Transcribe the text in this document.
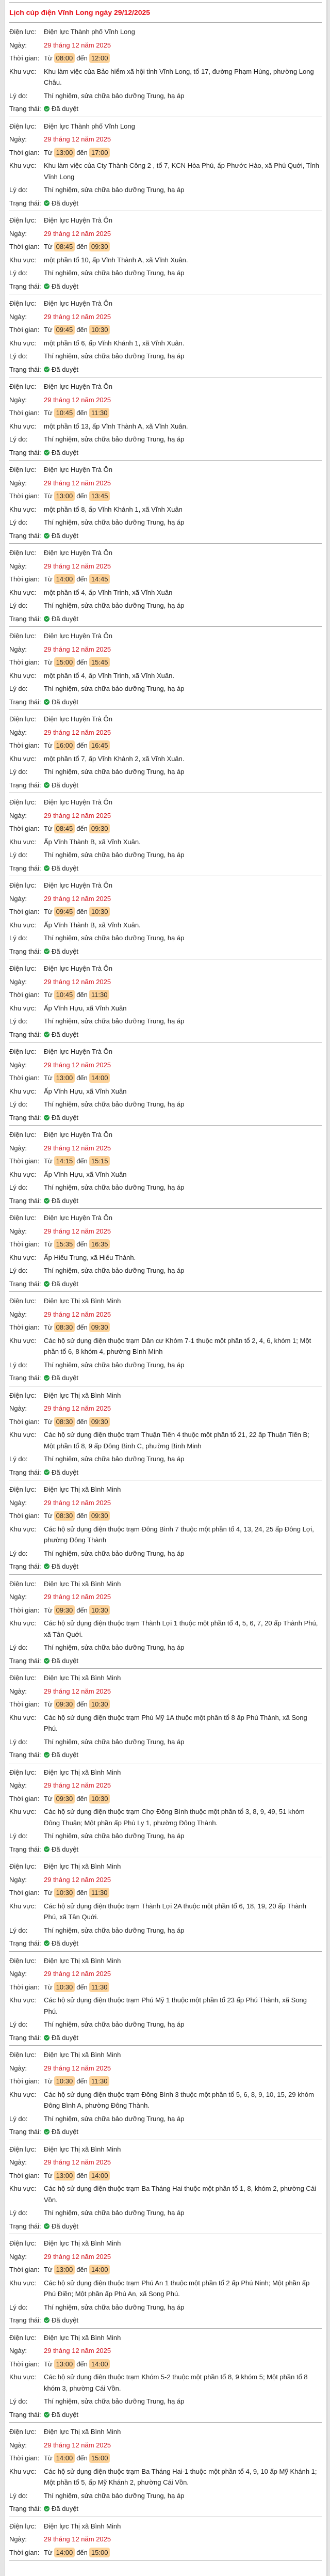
Lịch cúp điện Vĩnh Long ngày 29/12/2025
Điện lực:	Điện lực Thành phố Vĩnh Long
Ngày:	29 tháng 12 năm 2025
Thời gian: Từ 08:00 đến 12:00
Khu vực:	Khu làm việc của Bảo hiểm xã hội tỉnh Vĩnh Long, tổ 17, đường Phạm Hùng, phường Long Châu.
Lý do:	Thí nghiệm, sửa chữa bảo dưỡng Trung, hạ áp
Trạng thái:	Đã duyệt
Điện lực:	Điện lực Thành phố Vĩnh Long
Ngày:	29 tháng 12 năm 2025
Thời gian: Từ 13:00 đến 17:00
Khu vực:	Khu làm việc của Cty Thành Công 2 , tổ 7, KCN Hòa Phú, ấp Phước Hào, xã Phú Quới, Tỉnh Vĩnh Long
Lý do:	Thí nghiệm, sửa chữa bảo dưỡng Trung, hạ áp
Trạng thái:	Đã duyệt
Điện lực:	Điện lực Huyện Trà Ôn
Ngày:	29 tháng 12 năm 2025
Thời gian: Từ 08:45 đến 09:30
Khu vực:	một phần tổ 10, ấp Vĩnh Thành A, xã Vĩnh Xuân.
Lý do:	Thí nghiệm, sửa chữa bảo dưỡng Trung, hạ áp
Trạng thái:	Đã duyệt
Điện lực:	Điện lực Huyện Trà Ôn
Ngày:	29 tháng 12 năm 2025
Thời gian: Từ 09:45 đến 10:30
Khu vực:	một phần tổ 6, ấp Vĩnh Khánh 1, xã Vĩnh Xuân.
Lý do:	Thí nghiệm, sửa chữa bảo dưỡng Trung, hạ áp
Trạng thái:	Đã duyệt
Điện lực:	Điện lực Huyện Trà Ôn
Ngày:	29 tháng 12 năm 2025
Thời gian: Từ 10:45 đến 11:30
Khu vực:	một phần tổ 13, ấp Vĩnh Thành A, xã Vĩnh Xuân.
Lý do:	Thí nghiệm, sửa chữa bảo dưỡng Trung, hạ áp
Trạng thái:	Đã duyệt
Điện lực:	Điện lực Huyện Trà Ôn
Ngày:	29 tháng 12 năm 2025
Thời gian: Từ 13:00 đến 13:45
Khu vực:	một phần tổ 8, ấp Vĩnh Khánh 1, xã Vĩnh Xuân
Lý do:	Thí nghiệm, sửa chữa bảo dưỡng Trung, hạ áp
Trạng thái:	Đã duyệt
Điện lực:	Điện lực Huyện Trà Ôn
Ngày:	29 tháng 12 năm 2025
Thời gian: Từ 14:00 đến 14:45
Khu vực:	một phần tổ 4, ấp Vĩnh Trinh, xã Vĩnh Xuân
Lý do:	Thí nghiệm, sửa chữa bảo dưỡng Trung, hạ áp
Trạng thái:	Đã duyệt
Điện lực:	Điện lực Huyện Trà Ôn
Ngày:	29 tháng 12 năm 2025
Thời gian: Từ 15:00 đến 15:45
Khu vực:	một phần tổ 4, ấp Vĩnh Trinh, xã Vĩnh Xuân.
Lý do:	Thí nghiệm, sửa chữa bảo dưỡng Trung, hạ áp
Trạng thái:	Đã duyệt
Điện lực:	Điện lực Huyện Trà Ôn
Ngày:	29 tháng 12 năm 2025
Thời gian: Từ 16:00 đến 16:45
Khu vực:	một phần tổ 7, ấp Vĩnh Khánh 2, xã Vĩnh Xuân.
Lý do:	Thí nghiệm, sửa chữa bảo dưỡng Trung, hạ áp
Trạng thái:	Đã duyệt
Điện lực:	Điện lực Huyện Trà Ôn
Ngày:	29 tháng 12 năm 2025
Thời gian: Từ 08:45 đến 09:30
Khu vực:	Ấp Vĩnh Thành B, xã Vĩnh Xuân.
Lý do:	Thí nghiệm, sửa chữa bảo dưỡng Trung, hạ áp
Trạng thái:	Đã duyệt
Điện lực:	Điện lực Huyện Trà Ôn
Ngày:	29 tháng 12 năm 2025
Thời gian: Từ 09:45 đến 10:30
Khu vực:	Ấp Vĩnh Thành B, xã Vĩnh Xuân.
Lý do:	Thí nghiệm, sửa chữa bảo dưỡng Trung, hạ áp
Trạng thái:	Đã duyệt
Điện lực:	Điện lực Huyện Trà Ôn
Ngày:	29 tháng 12 năm 2025
Thời gian: Từ 10:45 đến 11:30
Khu vực:	Ấp Vĩnh Hựu, xã Vĩnh Xuân
Lý do:	Thí nghiệm, sửa chữa bảo dưỡng Trung, hạ áp
Trạng thái:	Đã duyệt
Điện lực:	Điện lực Huyện Trà Ôn
Ngày:	29 tháng 12 năm 2025
Thời gian: Từ 13:00 đến 14:00
Khu vực:	Ấp Vĩnh Hựu, xã Vĩnh Xuân
Lý do:	Thí nghiệm, sửa chữa bảo dưỡng Trung, hạ áp
Trạng thái:	Đã duyệt
Điện lực:	Điện lực Huyện Trà Ôn
Ngày:	29 tháng 12 năm 2025
Thời gian: Từ 14:15 đến 15:15
Khu vực:	Ấp Vĩnh Hựu, xã Vĩnh Xuân
Lý do:	Thí nghiệm, sửa chữa bảo dưỡng Trung, hạ áp
Trạng thái:	Đã duyệt
Điện lực:	Điện lực Huyện Trà Ôn
Ngày:	29 tháng 12 năm 2025
Thời gian: Từ 15:35 đến 16:35
Khu vực:	Ấp Hiếu Trung, xã Hiếu Thành.
Lý do:	Thí nghiệm, sửa chữa bảo dưỡng Trung, hạ áp
Trạng thái:	Đã duyệt
Điện lực:	Điện lực Thị xã Bình Minh
Ngày:	29 tháng 12 năm 2025
Thời gian: Từ 08:30 đến 09:30
Khu vực:	Các hộ sử dụng điện thuộc trạm Dân cư Khóm 7-1 thuộc một phần tổ 2, 4, 6, khóm 1; Một phần tổ 6, 8 khóm 4, phường Bình Minh
Lý do:	Thí nghiệm, sửa chữa bảo dưỡng Trung, hạ áp
Trạng thái:	Đã duyệt
Điện lực:	Điện lực Thị xã Bình Minh
Ngày:	29 tháng 12 năm 2025
Thời gian: Từ 08:30 đến 09:30
Khu vực:	Các hộ sử dụng điện thuộc trạm Thuận Tiến 4 thuộc một phần tổ 21, 22 ấp Thuận Tiến B; Một phần tổ 8, 9 ấp Đông Bình C, phường Bình Minh
Lý do:	Thí nghiệm, sửa chữa bảo dưỡng Trung, hạ áp
Trạng thái:	Đã duyệt
Điện lực:	Điện lực Thị xã Bình Minh
Ngày:	29 tháng 12 năm 2025
Thời gian: Từ 08:30 đến 09:30
Khu vực:	Các hộ sử dụng điện thuộc trạm Đông Bình 7 thuộc một phần tổ 4, 13, 24, 25 ấp Đông Lợi, phường Đông Thành
Lý do:	Thí nghiệm, sửa chữa bảo dưỡng Trung, hạ áp
Trạng thái:	Đã duyệt
Điện lực:	Điện lực Thị xã Bình Minh
Ngày:	29 tháng 12 năm 2025
Thời gian: Từ 09:30 đến 10:30
Khu vực:	Các hộ sử dụng điện thuộc trạm Thành Lợi 1 thuộc một phần tổ 4, 5, 6, 7, 20 ấp Thành Phú, xã Tân Quới.
Lý do:	Thí nghiệm, sửa chữa bảo dưỡng Trung, hạ áp
Trạng thái:	Đã duyệt
Điện lực:	Điện lực Thị xã Bình Minh
Ngày:	29 tháng 12 năm 2025
Thời gian: Từ 09:30 đến 10:30
Khu vực:	Các hộ sử dụng điện thuộc trạm Phú Mỹ 1A thuộc một phần tổ 8 ấp Phú Thành, xã Song Phú.
Lý do:	Thí nghiệm, sửa chữa bảo dưỡng Trung, hạ áp
Trạng thái:	Đã duyệt
Điện lực:	Điện lực Thị xã Bình Minh
Ngày:	29 tháng 12 năm 2025
Thời gian: Từ 09:30 đến 10:30
Khu vực:	Các hộ sử dụng điện thuộc trạm Chợ Đông Bình thuộc một phần tổ 3, 8, 9, 49, 51 khóm Đông Thuận; Một phần ấp Phù Ly 1, phường Đông Thành.
Lý do:	Thí nghiệm, sửa chữa bảo dưỡng Trung, hạ áp
Trạng thái:	Đã duyệt
Điện lực:	Điện lực Thị xã Bình Minh
Ngày:	29 tháng 12 năm 2025
Thời gian: Từ 10:30 đến 11:30
Khu vực:	Các hộ sử dụng điện thuộc trạm Thành Lợi 2A thuộc một phần tổ 6, 18, 19, 20 ấp Thành Phú, xã Tân Quới.
Lý do:	Thí nghiệm, sửa chữa bảo dưỡng Trung, hạ áp
Trạng thái:	Đã duyệt
Điện lực:	Điện lực Thị xã Bình Minh
Ngày:	29 tháng 12 năm 2025
Thời gian: Từ 10:30 đến 11:30
Khu vực:	Các hộ sử dụng điện thuộc trạm Phú Mỹ 1 thuộc một phần tổ 23 ấp Phú Thành, xã Song Phú.
Lý do:	Thí nghiệm, sửa chữa bảo dưỡng Trung, hạ áp
Trạng thái:	Đã duyệt
Điện lực:	Điện lực Thị xã Bình Minh
Ngày:	29 tháng 12 năm 2025
Thời gian: Từ 10:30 đến 11:30
Khu vực:	Các hộ sử dụng điện thuộc trạm Đông Bình 3 thuộc một phần tổ 5, 6, 8, 9, 10, 15, 29 khóm Đông Bình A, phường Đông Thành.
Lý do:	Thí nghiệm, sửa chữa bảo dưỡng Trung, hạ áp
Trạng thái:	Đã duyệt
Điện lực:	Điện lực Thị xã Bình Minh
Ngày:	29 tháng 12 năm 2025
Thời gian: Từ 13:00 đến 14:00
Khu vực:	Các hộ sử dụng điện thuộc trạm Ba Tháng Hai thuộc một phần tổ 1, 8, khóm 2, phường Cái Vồn.
Lý do:	Thí nghiệm, sửa chữa bảo dưỡng Trung, hạ áp
Trạng thái:	Đã duyệt
Điện lực:	Điện lực Thị xã Bình Minh
Ngày:	29 tháng 12 năm 2025
Thời gian: Từ 13:00 đến 14:00
Khu vực:	Các hộ sử dụng điện thuộc trạm Phú An 1 thuộc một phần tổ 2 ấp Phú Ninh; Một phần ấp Phú Điền; Một phần ấp Phú An, xã Song Phú.
Lý do:	Thí nghiệm, sửa chữa bảo dưỡng Trung, hạ áp
Trạng thái:	Đã duyệt
Điện lực:	Điện lực Thị xã Bình Minh
Ngày:	29 tháng 12 năm 2025
Thời gian: Từ 13:00 đến 14:00
Khu vực:	Các hộ sử dụng điện thuộc trạm Khóm 5-2 thuộc một phần tổ 8, 9 khóm 5; Một phần tổ 8 khóm 3, phường Cái Vồn.
Lý do:	Thí nghiệm, sửa chữa bảo dưỡng Trung, hạ áp
Trạng thái:	Đã duyệt
Điện lực:	Điện lực Thị xã Bình Minh
Ngày:	29 tháng 12 năm 2025
Thời gian: Từ 14:00 đến 15:00
Khu vực:	Các hộ sử dụng điện thuộc trạm Ba Tháng Hai-1 thuộc một phần tổ 4, 9, 10 ấp Mỹ Khánh 1; Một phần tổ 5, ấp Mỹ Khánh 2, phường Cái Vồn.
Lý do:	Thí nghiệm, sửa chữa bảo dưỡng Trung, hạ áp
Trạng thái:	Đã duyệt
Điện lực:	Điện lực Thị xã Bình Minh
Ngày:	29 tháng 12 năm 2025
Thời gian: Từ 14:00 đến 15:00
